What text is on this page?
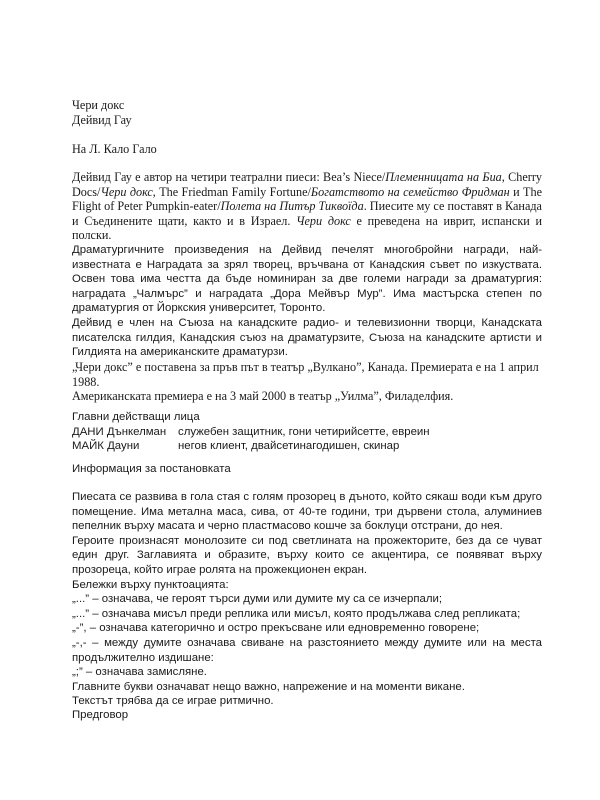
Чери докс

Дейвид Гау

На Л. Кало Гало

Дейвид Гау е автор на четири театрални пиеси: Bea’s Niece/Племенницата на Биа, Cherry Docs/Чери докс, The Friedman Family Fortune/Богатството на семейство Фридман и The Flight of Peter Pumpkin-eater/Полета на Питър Тиквоїда. Пиесите му се поставят в Канада и Съединените щати, както и в Израел. Чери докс е преведена на иврит, испански и полски.

Драматургичните произведения на Дейвид печелят многобройни награди, най-известната е Наградата за зрял творец, връчвана от Канадския съвет по изкуствата. Освен това има честта да бъде номиниран за две големи награди за драматургия: наградата „Чалмърс” и наградата „Дора Мейвър Мур”. Има мастърска степен по драматургия от Йоркския университет, Торонто.

Дейвид е член на Съюза на канадските радио- и телевизионни творци, Канадската писателска гилдия, Канадския съюз на драматурзите, Съюза на канадските артисти и Гилдията на американските драматурзи.

„Чери докс” е поставена за пръв път в театър „Вулкано”, Канада. Премиерата е на 1 април 1988.

Американската премиера е на 3 май 2000 в театър „Уилма”, Филаделфия.

Главни действащи лица

ДАНИ Дънкелман	служебен защитник, гони четирийсетте, евреин
МАЙК Дауни	негов клиент, двайсетинагодишен, скинар

Информация за постановката

Пиесата се развива в гола стая с голям прозорец в дъното, който сякаш води към друго помещение. Има метална маса, сива, от 40-те години, три дървени стола, алуминиев пепелник върху масата и черно пластмасово кошче за боклуци отстрани, до нея.

Героите произнасят монолозите си под светлината на прожекторите, без да се чуват един друг. Заглавията и образите, върху които се акцентира, се появяват върху прозореца, който играе ролята на прожекционен екран.

Бележки върху пунктоацията:

„...” – означава, че героят търси думи или думите му са се изчерпали;

„...” – означава мисъл преди реплика или мисъл, която продължава след репликата;

„-”, – означава категорично и остро прекъсване или едновременно говорене;

„-,- – между думите означава свиване на разстоянието между думите или на места продължително издишане:

„;” – означава замисляне.

Главните букви означават нещо важно, напрежение и на моменти викане.

Текстът трябва да се играе ритмично.

Предговор
